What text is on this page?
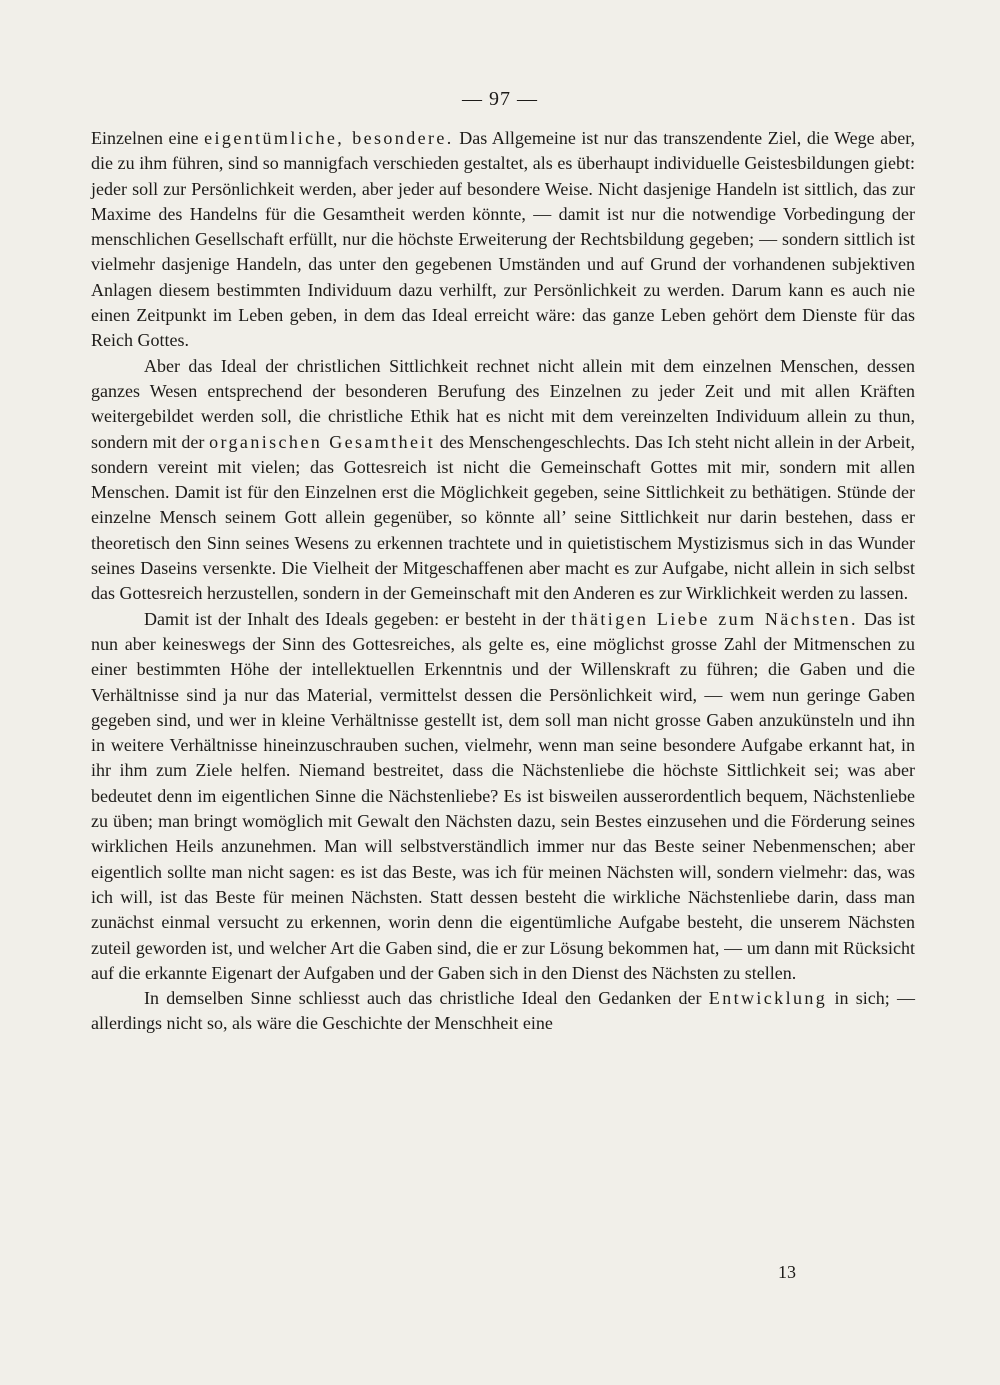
— 97 —

Einzelnen eine eigentümliche, besondere. Das Allgemeine ist nur das transzendente Ziel, die Wege aber, die zu ihm führen, sind so mannigfach verschieden gestaltet, als es überhaupt individuelle Geistesbildungen giebt: jeder soll zur Persönlichkeit werden, aber jeder auf besondere Weise. Nicht dasjenige Handeln ist sittlich, das zur Maxime des Handelns für die Gesamtheit werden könnte, — damit ist nur die notwendige Vorbedingung der menschlichen Gesellschaft erfüllt, nur die höchste Erweiterung der Rechtsbildung gegeben; — sondern sittlich ist vielmehr dasjenige Handeln, das unter den gegebenen Umständen und auf Grund der vorhandenen subjektiven Anlagen diesem bestimmten Individuum dazu verhilft, zur Persönlichkeit zu werden. Darum kann es auch nie einen Zeitpunkt im Leben geben, in dem das Ideal erreicht wäre: das ganze Leben gehört dem Dienste für das Reich Gottes.

Aber das Ideal der christlichen Sittlichkeit rechnet nicht allein mit dem einzelnen Menschen, dessen ganzes Wesen entsprechend der besonderen Berufung des Einzelnen zu jeder Zeit und mit allen Kräften weitergebildet werden soll, die christliche Ethik hat es nicht mit dem vereinzelten Individuum allein zu thun, sondern mit der organischen Gesamtheit des Menschengeschlechts. Das Ich steht nicht allein in der Arbeit, sondern vereint mit vielen; das Gottesreich ist nicht die Gemeinschaft Gottes mit mir, sondern mit allen Menschen. Damit ist für den Einzelnen erst die Möglichkeit gegeben, seine Sittlichkeit zu bethätigen. Stünde der einzelne Mensch seinem Gott allein gegenüber, so könnte all’ seine Sittlichkeit nur darin bestehen, dass er theoretisch den Sinn seines Wesens zu erkennen trachtete und in quietistischem Mystizismus sich in das Wunder seines Daseins versenkte. Die Vielheit der Mitgeschaffenen aber macht es zur Aufgabe, nicht allein in sich selbst das Gottesreich herzustellen, sondern in der Gemeinschaft mit den Anderen es zur Wirklichkeit werden zu lassen.

Damit ist der Inhalt des Ideals gegeben: er besteht in der thätigen Liebe zum Nächsten. Das ist nun aber keineswegs der Sinn des Gottesreiches, als gelte es, eine möglichst grosse Zahl der Mitmenschen zu einer bestimmten Höhe der intellektuellen Erkenntnis und der Willenskraft zu führen; die Gaben und die Verhältnisse sind ja nur das Material, vermittelst dessen die Persönlichkeit wird, — wem nun geringe Gaben gegeben sind, und wer in kleine Verhältnisse gestellt ist, dem soll man nicht grosse Gaben anzukünsteln und ihn in weitere Verhältnisse hineinzuschrauben suchen, vielmehr, wenn man seine besondere Aufgabe erkannt hat, in ihr ihm zum Ziele helfen. Niemand bestreitet, dass die Nächstenliebe die höchste Sittlichkeit sei; was aber bedeutet denn im eigentlichen Sinne die Nächstenliebe? Es ist bisweilen ausserordentlich bequem, Nächstenliebe zu üben; man bringt womöglich mit Gewalt den Nächsten dazu, sein Bestes einzusehen und die Förderung seines wirklichen Heils anzunehmen. Man will selbstverständlich immer nur das Beste seiner Nebenmenschen; aber eigentlich sollte man nicht sagen: es ist das Beste, was ich für meinen Nächsten will, sondern vielmehr: das, was ich will, ist das Beste für meinen Nächsten. Statt dessen besteht die wirkliche Nächstenliebe darin, dass man zunächst einmal versucht zu erkennen, worin denn die eigentümliche Aufgabe besteht, die unserem Nächsten zuteil geworden ist, und welcher Art die Gaben sind, die er zur Lösung bekommen hat, — um dann mit Rücksicht auf die erkannte Eigenart der Aufgaben und der Gaben sich in den Dienst des Nächsten zu stellen.

In demselben Sinne schliesst auch das christliche Ideal den Gedanken der Entwicklung in sich; — allerdings nicht so, als wäre die Geschichte der Menschheit eine

13
